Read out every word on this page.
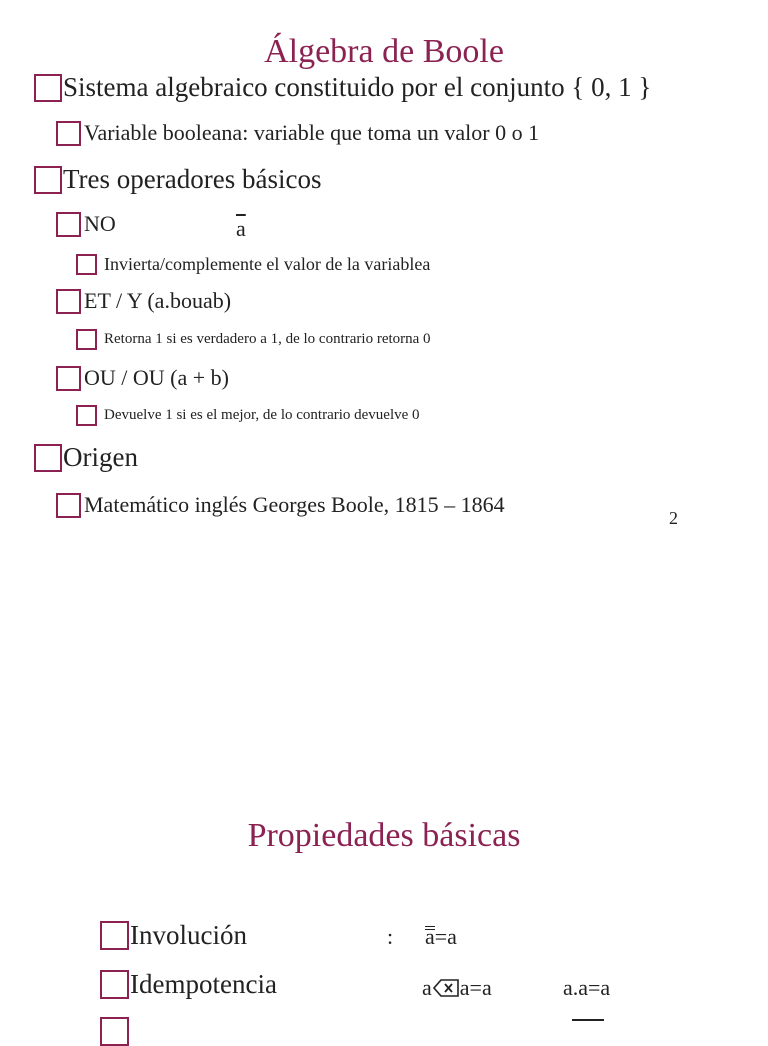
Álgebra de Boole
Sistema algebraico constituido por el conjunto { 0, 1 }
Variable booleana: variable que toma un valor 0 o 1
Tres operadores básicos
NO	$\overline{a}$
Invierta/complemente el valor de la variablea
ET / Y (a.bouab)
Retorna 1 si es verdadero a 1, de lo contrario retorna 0
OU / OU (a + b)
Devuelve 1 si es el mejor, de lo contrario devuelve 0
Origen
Matemático inglés Georges Boole, 1815 – 1864
2
Propiedades básicas
Involución	: a=a
Idempotencia	a a=a	a.a=a
